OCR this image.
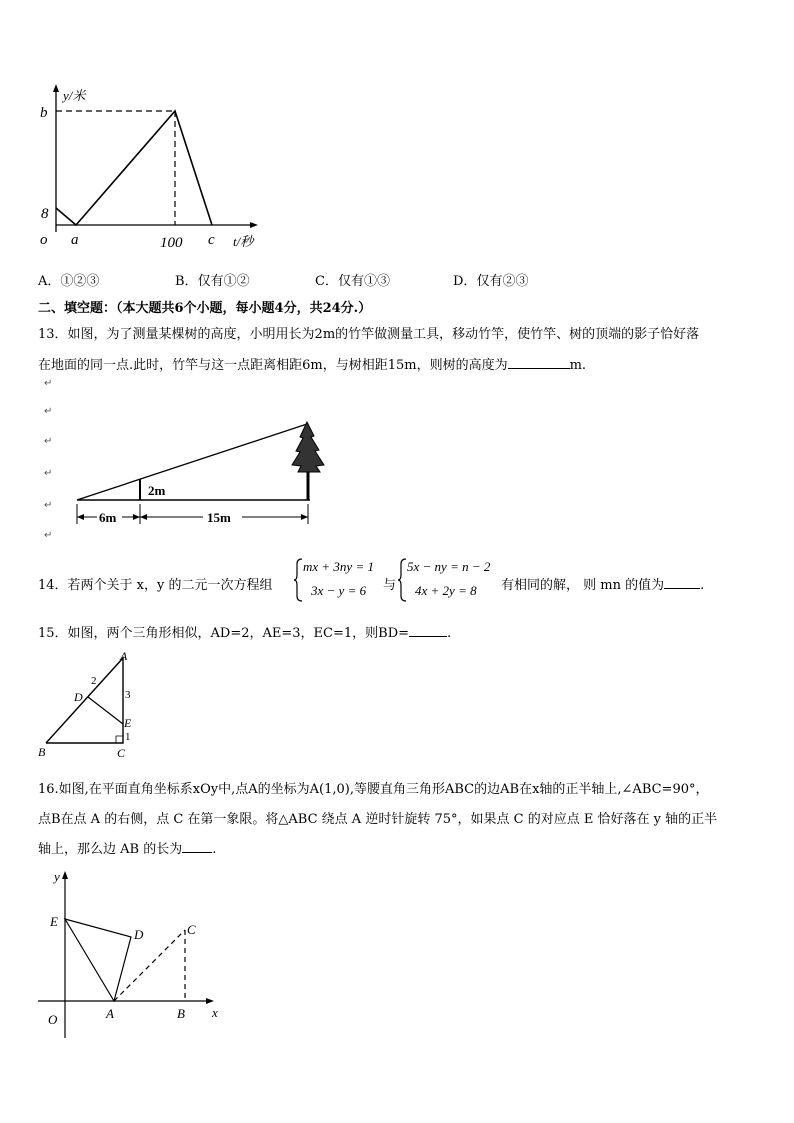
y/米
b
8
o a	100 c t/秒
A．①②③	B．仅有①②	C．仅有①③	D．仅有②③
二、填空题：（本大题共6个小题，每小题4分，共24分.）
13．如图，为了测量某棵树的高度，小明用长为2m的竹竿做测量工具，移动竹竿，使竹竿、树的顶端的影子恰好落
在地面的同一点.此时，竹竿与这一点距离相距6m，与树相距15m，则树的高度为	m.
↵
↵
↵
↵
↵
↵
2m
6m	15m
14．若两个关于 x，y 的二元一次方程组
mx + 3ny = 1
3x − y = 6 与
5x − ny = n − 2
4x + 2y = 8 有相同的解， 则 mn 的值为	.
15．如图，两个三角形相似，AD=2，AE=3，EC=1，则BD=	.
A
B	C
D
E
2
3
1
16.如图,在平面直角坐标系xOy中,点A的坐标为A(1,0),等腰直角三角形ABC的边AB在x轴的正半轴上,∠ABC=90°，
点B在点 A 的右侧，点 C 在第一象限。将△ABC 绕点 A 逆时针旋转 75°，如果点 C 的对应点 E 恰好落在 y 轴的正半
轴上，那么边 AB 的长为 .
y
x
O	A	B
C
D
E
